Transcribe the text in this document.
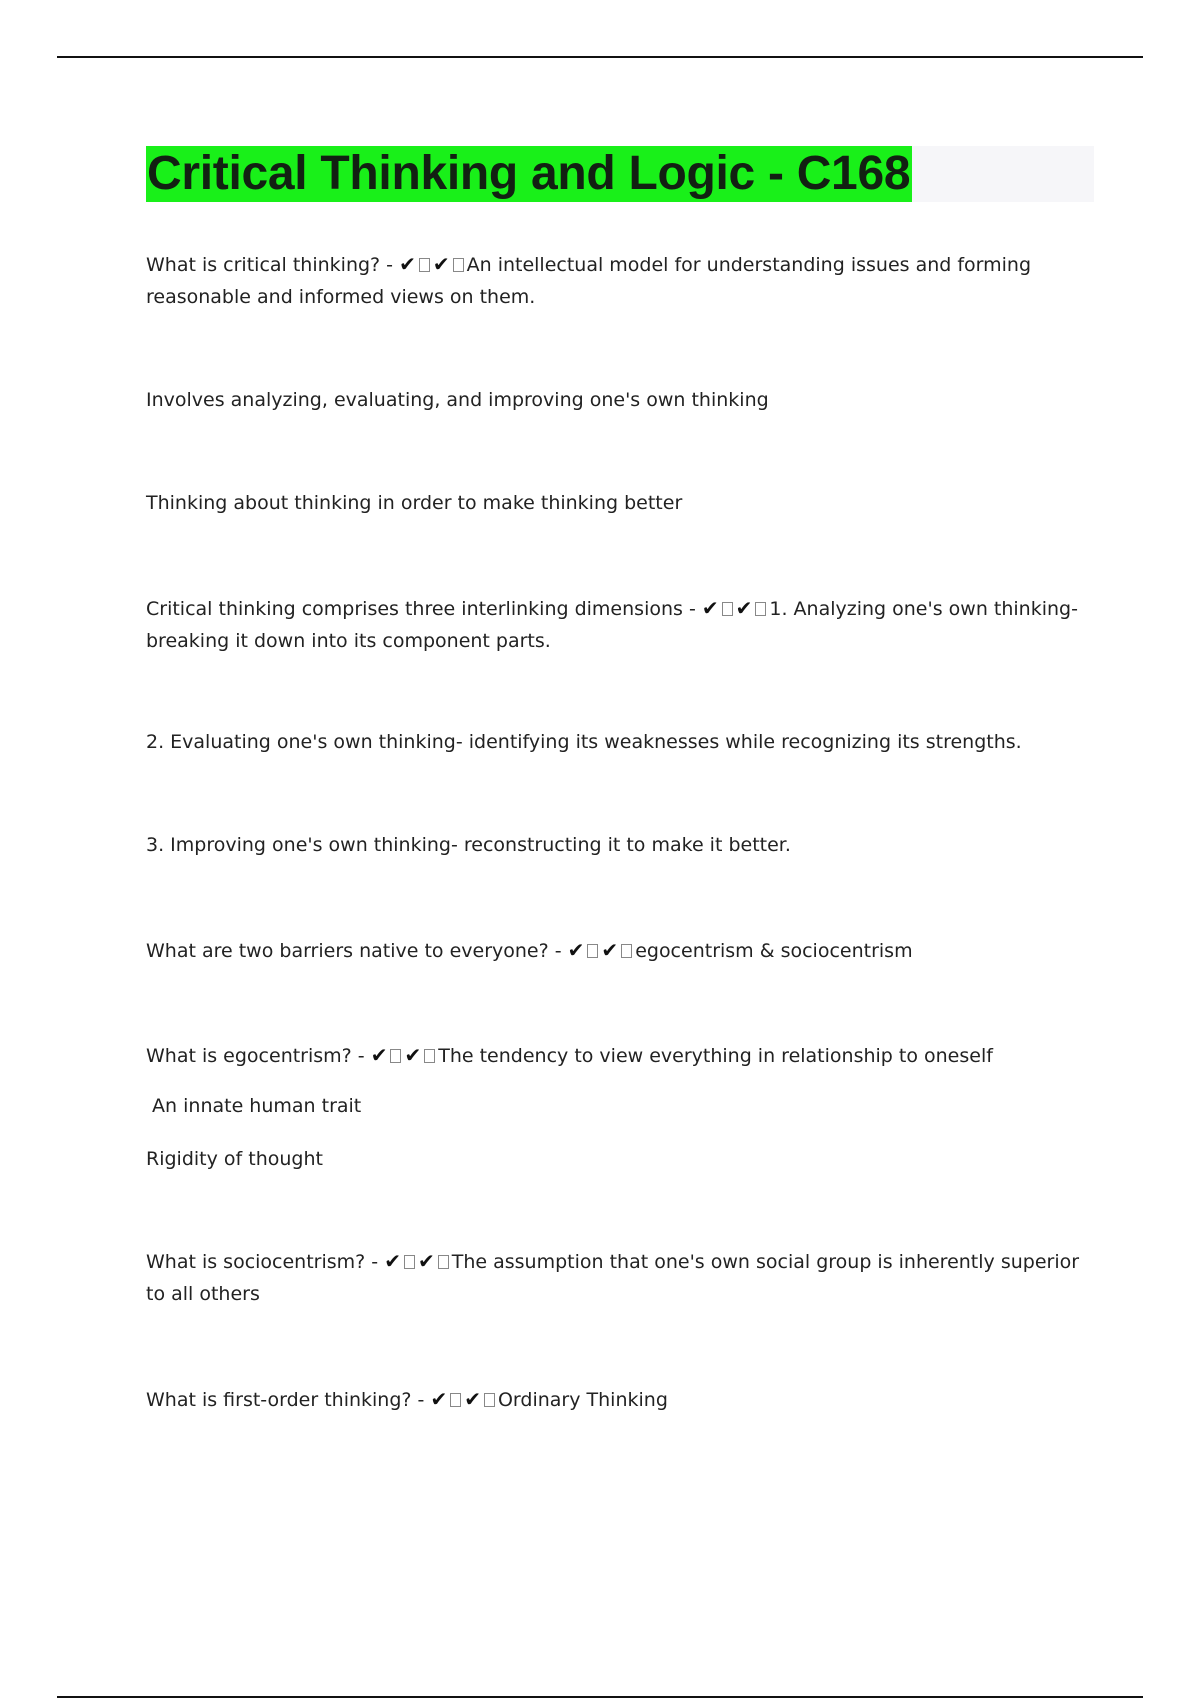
Critical Thinking and Logic - C168

What is critical thinking? - ✔ ✔ An intellectual model for understanding issues and forming reasonable and informed views on them.

Involves analyzing, evaluating, and improving one's own thinking

Thinking about thinking in order to make thinking better

Critical thinking comprises three interlinking dimensions - ✔ ✔ 1. Analyzing one's own thinking- breaking it down into its component parts.

2. Evaluating one's own thinking- identifying its weaknesses while recognizing its strengths.

3. Improving one's own thinking- reconstructing it to make it better.

What are two barriers native to everyone? - ✔ ✔ egocentrism & sociocentrism

What is egocentrism? - ✔ ✔ The tendency to view everything in relationship to oneself

An innate human trait

Rigidity of thought

What is sociocentrism? - ✔ ✔ The assumption that one's own social group is inherently superior to all others

What is first-order thinking? - ✔ ✔ Ordinary Thinking
